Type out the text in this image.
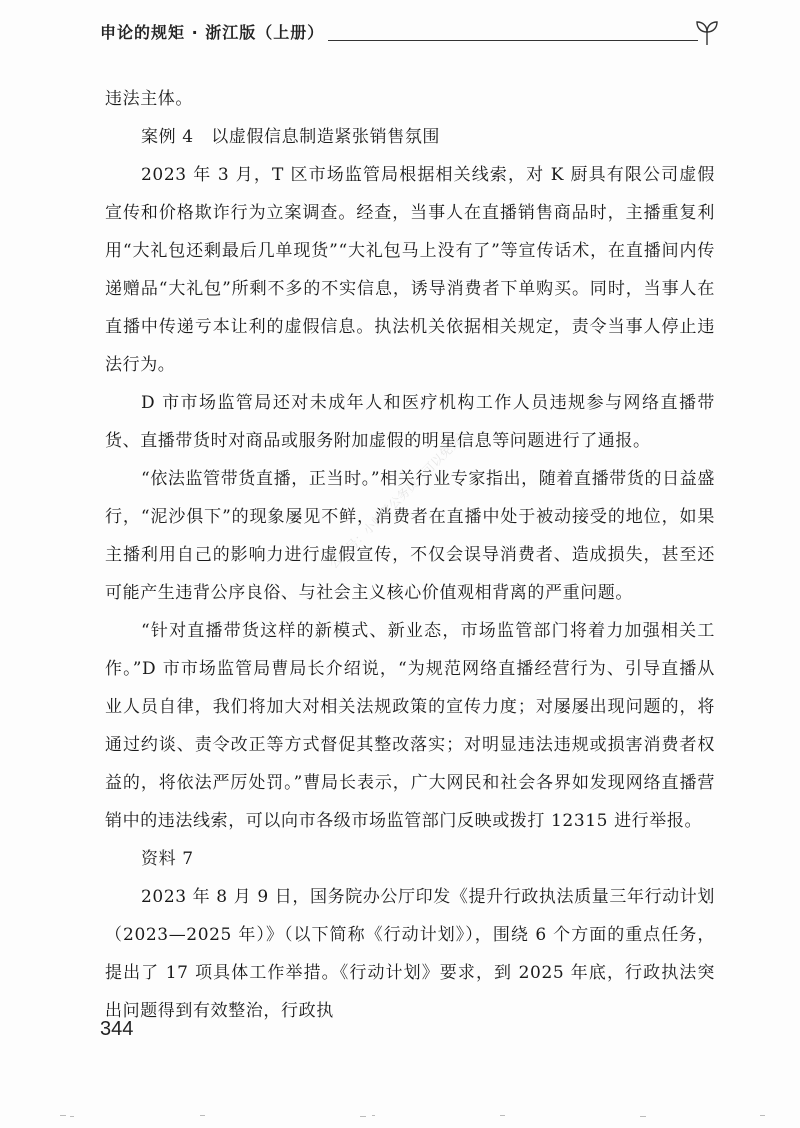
申论的规矩 · 浙江版（上册）

违法主体。

案例 4　以虚假信息制造紧张销售氛围

2023 年 3 月，T 区市场监管局根据相关线索，对 K 厨具有限公司虚假宣传和价格欺诈行为立案调查。经查，当事人在直播销售商品时，主播重复利用“大礼包还剩最后几单现货”“大礼包马上没有了”等宣传话术，在直播间内传递赠品“大礼包”所剩不多的不实信息，诱导消费者下单购买。同时，当事人在直播中传递亏本让利的虚假信息。执法机关依据相关规定，责令当事人停止违法行为。

D 市市场监管局还对未成年人和医疗机构工作人员违规参与网络直播带货、直播带货时对商品或服务附加虚假的明星信息等问题进行了通报。

“依法监管带货直播，正当时。”相关行业专家指出，随着直播带货的日益盛行，“泥沙俱下”的现象屡见不鲜，消费者在直播中处于被动接受的地位，如果主播利用自己的影响力进行虚假宣传，不仅会误导消费者、造成损失，甚至还可能产生违背公序良俗、与社会主义核心价值观相背离的严重问题。

“针对直播带货这样的新模式、新业态，市场监管部门将着力加强相关工作。”D 市市场监管局曹局长介绍说，“为规范网络直播经营行为、引导直播从业人员自律，我们将加大对相关法规政策的宣传力度；对屡屡出现问题的，将通过约谈、责令改正等方式督促其整改落实；对明显违法违规或损害消费者权益的，将依法严厉处罚。”曹局长表示，广大网民和社会各界如发现网络直播营销中的违法线索，可以向市各级市场监管部门反映或拨打 12315 进行举报。

资料 7

2023 年 8 月 9 日，国务院办公厅印发《提升行政执法质量三年行动计划（2023—2025 年）》（以下简称《行动计划》），围绕 6 个方面的重点任务，提出了 17 项具体工作举措。《行动计划》要求，到 2025 年底，行政执法突出问题得到有效整治，行政执

公众号：小帅学公务员（可以免费）
344
